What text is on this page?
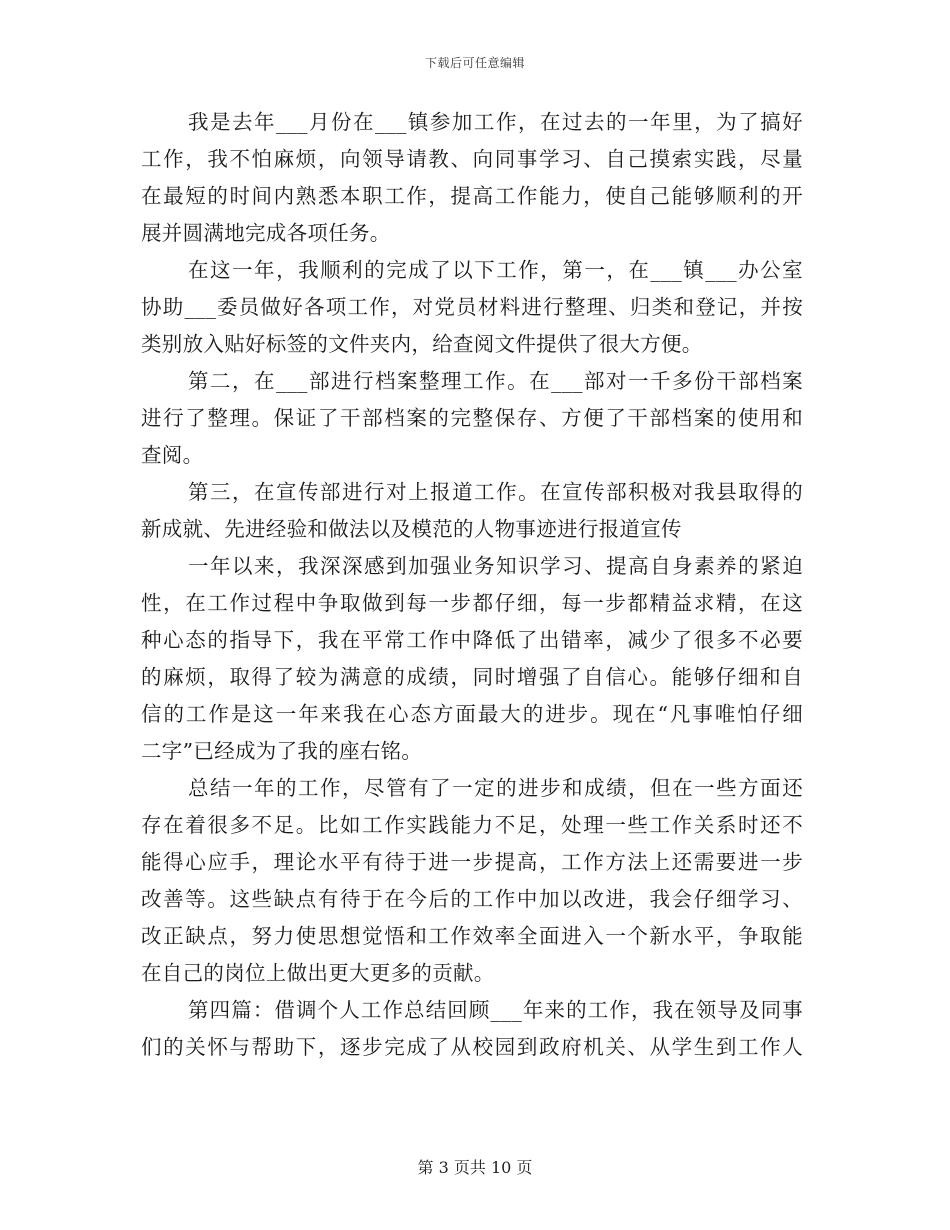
下载后可任意编辑
我是去年___月份在___镇参加工作，在过去的一年里，为了搞好
工作，我不怕麻烦，向领导请教、向同事学习、自己摸索实践，尽量
在最短的时间内熟悉本职工作，提高工作能力，使自己能够顺利的开
展并圆满地完成各项任务。
在这一年，我顺利的完成了以下工作，第一，在___镇___办公室
协助___委员做好各项工作，对党员材料进行整理、归类和登记，并按
类别放入贴好标签的文件夹内，给查阅文件提供了很大方便。
第二，在___部进行档案整理工作。在___部对一千多份干部档案
进行了整理。保证了干部档案的完整保存、方便了干部档案的使用和
查阅。
第三，在宣传部进行对上报道工作。在宣传部积极对我县取得的
新成就、先进经验和做法以及模范的人物事迹进行报道宣传
一年以来，我深深感到加强业务知识学习、提高自身素养的紧迫
性，在工作过程中争取做到每一步都仔细，每一步都精益求精，在这
种心态的指导下，我在平常工作中降低了出错率，减少了很多不必要
的麻烦，取得了较为满意的成绩，同时增强了自信心。能够仔细和自
信的工作是这一年来我在心态方面最大的进步。现在“凡事唯怕仔细
二字”已经成为了我的座右铭。
总结一年的工作，尽管有了一定的进步和成绩，但在一些方面还
存在着很多不足。比如工作实践能力不足，处理一些工作关系时还不
能得心应手，理论水平有待于进一步提高，工作方法上还需要进一步
改善等。这些缺点有待于在今后的工作中加以改进，我会仔细学习、
改正缺点，努力使思想觉悟和工作效率全面进入一个新水平，争取能
在自己的岗位上做出更大更多的贡献。
第四篇：借调个人工作总结回顾___年来的工作，我在领导及同事
们的关怀与帮助下，逐步完成了从校园到政府机关、从学生到工作人
第 3 页共 10 页
